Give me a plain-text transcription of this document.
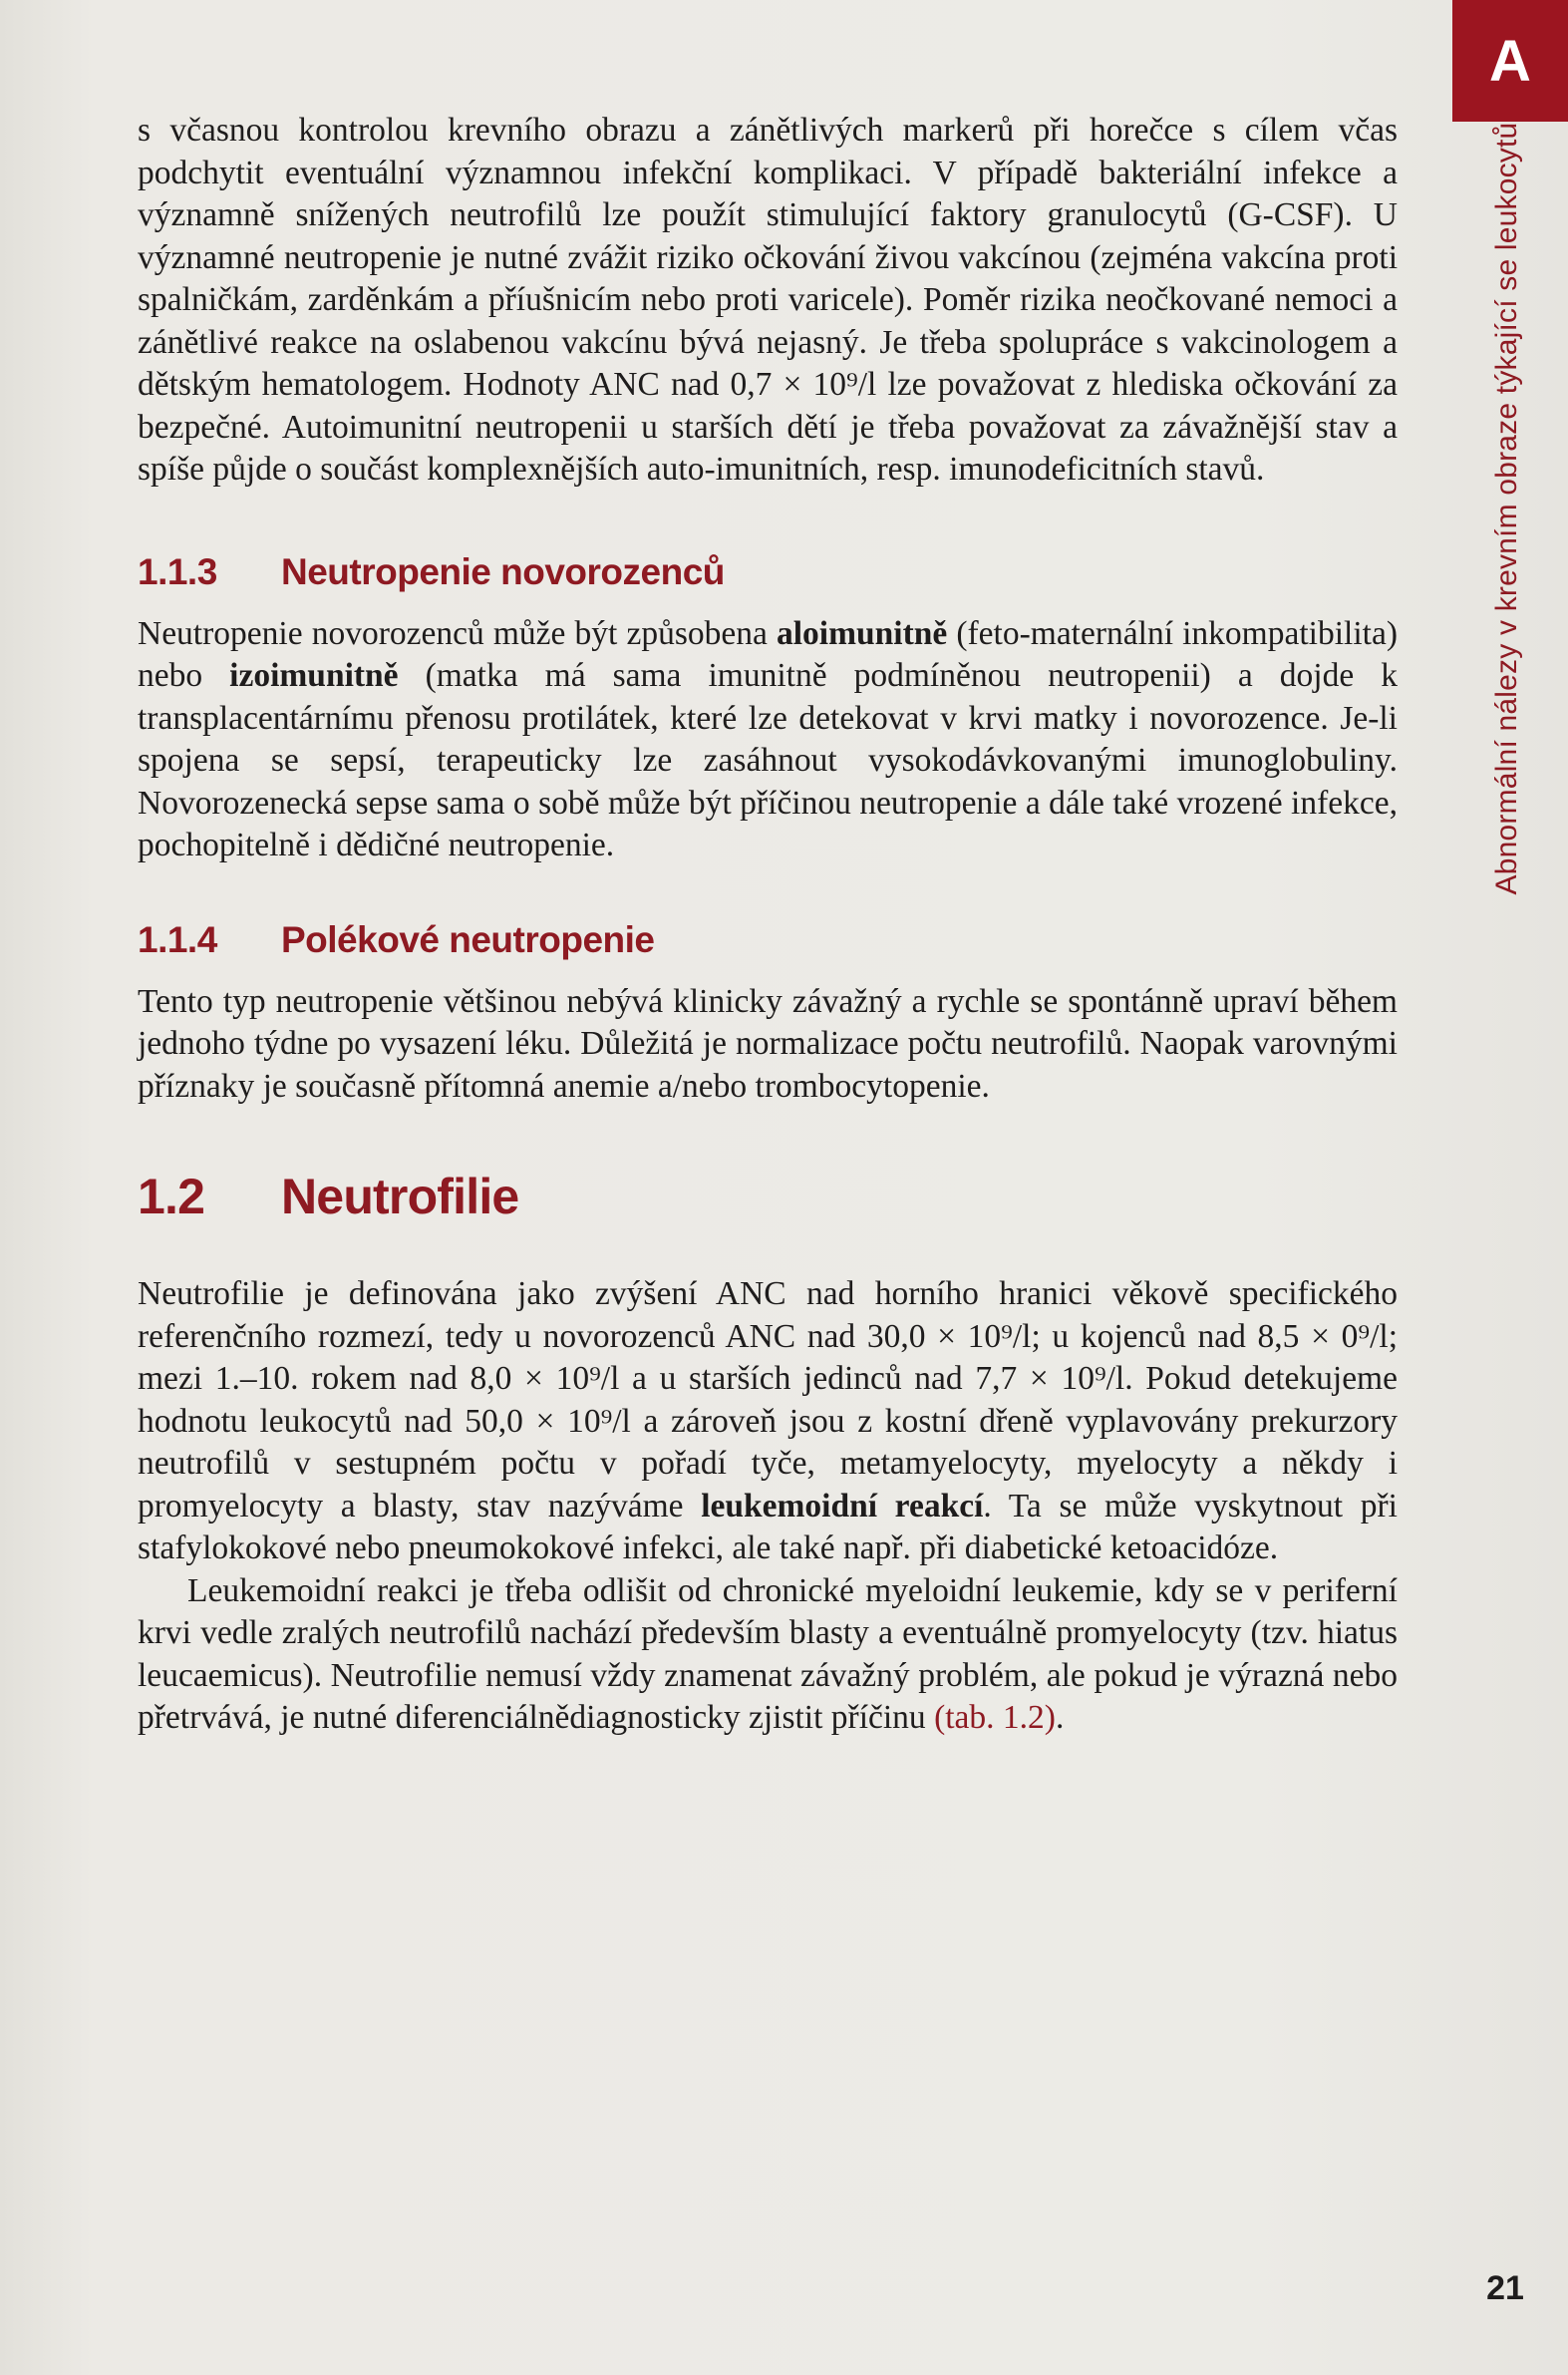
A
Abnormální nálezy v krevním obraze týkající se leukocytů

s včasnou kontrolou krevního obrazu a zánětlivých markerů při horečce s cílem včas podchytit eventuální významnou infekční komplikaci. V případě bakteriální infekce a významně snížených neutrofilů lze použít stimulující faktory granulocytů (G-CSF). U významné neutropenie je nutné zvážit riziko očkování živou vakcínou (zejména vakcína proti spalničkám, zarděnkám a příušnicím nebo proti varicele). Poměr rizika neočkované nemoci a zánětlivé reakce na oslabenou vakcínu bývá nejasný. Je třeba spolupráce s vakcinologem a dětským hematologem. Hodnoty ANC nad 0,7 × 10⁹/l lze považovat z hlediska očkování za bezpečné. Autoimunitní neutropenii u starších dětí je třeba považovat za závažnější stav a spíše půjde o součást komplexnějších auto-imunitních, resp. imunodeficitních stavů.

1.1.3	Neutropenie novorozenců

Neutropenie novorozenců může být způsobena aloimunitně (feto-maternální inkompatibilita) nebo izoimunitně (matka má sama imunitně podmíněnou neutropenii) a dojde k transplacentárnímu přenosu protilátek, které lze detekovat v krvi matky i novorozence. Je-li spojena se sepsí, terapeuticky lze zasáhnout vysokodávkovanými imunoglobuliny. Novorozenecká sepse sama o sobě může být příčinou neutropenie a dále také vrozené infekce, pochopitelně i dědičné neutropenie.

1.1.4	Polékové neutropenie

Tento typ neutropenie většinou nebývá klinicky závažný a rychle se spontánně upraví během jednoho týdne po vysazení léku. Důležitá je normalizace počtu neutrofilů. Naopak varovnými příznaky je současně přítomná anemie a/nebo trombocytopenie.

1.2	Neutrofilie

Neutrofilie je definována jako zvýšení ANC nad horního hranici věkově specifického referenčního rozmezí, tedy u novorozenců ANC nad 30,0 × 10⁹/l; u kojenců nad 8,5 × 0⁹/l; mezi 1.–10. rokem nad 8,0 × 10⁹/l a u starších jedinců nad 7,7 × 10⁹/l. Pokud detekujeme hodnotu leukocytů nad 50,0 × 10⁹/l a zároveň jsou z kostní dřeně vyplavovány prekurzory neutrofilů v sestupném počtu v pořadí tyče, metamyelocyty, myelocyty a někdy i promyelocyty a blasty, stav nazýváme leukemoidní reakcí. Ta se může vyskytnout při stafylokokové nebo pneumokokové infekci, ale také např. při diabetické ketoacidóze.

Leukemoidní reakci je třeba odlišit od chronické myeloidní leukemie, kdy se v periferní krvi vedle zralých neutrofilů nachází především blasty a eventuálně promyelocyty (tzv. hiatus leucaemicus). Neutrofilie nemusí vždy znamenat závažný problém, ale pokud je výrazná nebo přetrvává, je nutné diferenciálnědiagnosticky zjistit příčinu (tab. 1.2).

21
